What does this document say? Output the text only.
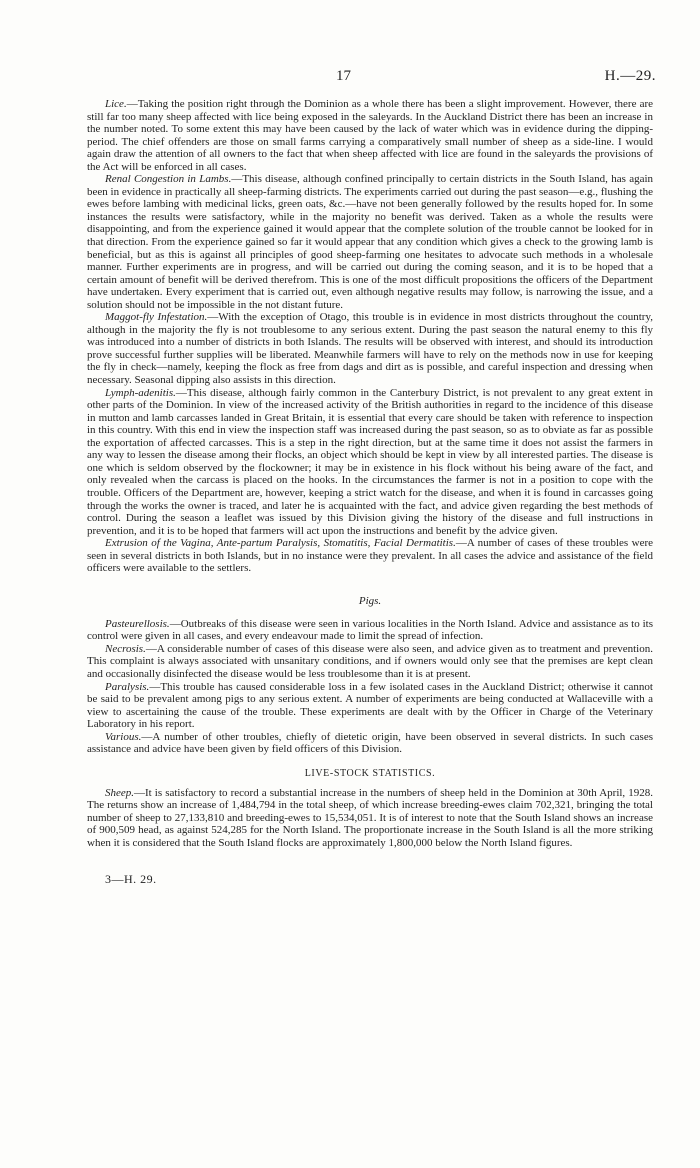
17	H.—29.

Lice.—Taking the position right through the Dominion as a whole there has been a slight improvement. However, there are still far too many sheep affected with lice being exposed in the saleyards. In the Auckland District there has been an increase in the number noted. To some extent this may have been caused by the lack of water which was in evidence during the dipping-period. The chief offenders are those on small farms carrying a comparatively small number of sheep as a side-line. I would again draw the attention of all owners to the fact that when sheep affected with lice are found in the saleyards the provisions of the Act will be enforced in all cases.

Renal Congestion in Lambs.—This disease, although confined principally to certain districts in the South Island, has again been in evidence in practically all sheep-farming districts. The experiments carried out during the past season—e.g., flushing the ewes before lambing with medicinal licks, green oats, &c.—have not been generally followed by the results hoped for. In some instances the results were satisfactory, while in the majority no benefit was derived. Taken as a whole the results were disappointing, and from the experience gained it would appear that the complete solution of the trouble cannot be looked for in that direction. From the experience gained so far it would appear that any condition which gives a check to the growing lamb is beneficial, but as this is against all principles of good sheep-farming one hesitates to advocate such methods in a wholesale manner. Further experiments are in progress, and will be carried out during the coming season, and it is to be hoped that a certain amount of benefit will be derived therefrom. This is one of the most difficult propositions the officers of the Department have undertaken. Every experiment that is carried out, even although negative results may follow, is narrowing the issue, and a solution should not be impossible in the not distant future.

Maggot-fly Infestation.—With the exception of Otago, this trouble is in evidence in most districts throughout the country, although in the majority the fly is not troublesome to any serious extent. During the past season the natural enemy to this fly was introduced into a number of districts in both Islands. The results will be observed with interest, and should its introduction prove successful further supplies will be liberated. Meanwhile farmers will have to rely on the methods now in use for keeping the fly in check—namely, keeping the flock as free from dags and dirt as is possible, and careful inspection and dressing when necessary. Seasonal dipping also assists in this direction.

Lymph-adenitis.—This disease, although fairly common in the Canterbury District, is not prevalent to any great extent in other parts of the Dominion. In view of the increased activity of the British authorities in regard to the incidence of this disease in mutton and lamb carcasses landed in Great Britain, it is essential that every care should be taken with reference to inspection in this country. With this end in view the inspection staff was increased during the past season, so as to obviate as far as possible the exportation of affected carcasses. This is a step in the right direction, but at the same time it does not assist the farmers in any way to lessen the disease among their flocks, an object which should be kept in view by all interested parties. The disease is one which is seldom observed by the flockowner; it may be in existence in his flock without his being aware of the fact, and only revealed when the carcass is placed on the hooks. In the circumstances the farmer is not in a position to cope with the trouble. Officers of the Department are, however, keeping a strict watch for the disease, and when it is found in carcasses going through the works the owner is traced, and later he is acquainted with the fact, and advice given regarding the best methods of control. During the season a leaflet was issued by this Division giving the history of the disease and full instructions in prevention, and it is to be hoped that farmers will act upon the instructions and benefit by the advice given.

Extrusion of the Vagina, Ante-partum Paralysis, Stomatitis, Facial Dermatitis.—A number of cases of these troubles were seen in several districts in both Islands, but in no instance were they prevalent. In all cases the advice and assistance of the field officers were available to the settlers.

Pigs.

Pasteurellosis.—Outbreaks of this disease were seen in various localities in the North Island. Advice and assistance as to its control were given in all cases, and every endeavour made to limit the spread of infection.

Necrosis.—A considerable number of cases of this disease were also seen, and advice given as to treatment and prevention. This complaint is always associated with unsanitary conditions, and if owners would only see that the premises are kept clean and occasionally disinfected the disease would be less troublesome than it is at present.

Paralysis.—This trouble has caused considerable loss in a few isolated cases in the Auckland District; otherwise it cannot be said to be prevalent among pigs to any serious extent. A number of experiments are being conducted at Wallaceville with a view to ascertaining the cause of the trouble. These experiments are dealt with by the Officer in Charge of the Veterinary Laboratory in his report.

Various.—A number of other troubles, chiefly of dietetic origin, have been observed in several districts. In such cases assistance and advice have been given by field officers of this Division.

LIVE-STOCK STATISTICS.

Sheep.—It is satisfactory to record a substantial increase in the numbers of sheep held in the Dominion at 30th April, 1928. The returns show an increase of 1,484,794 in the total sheep, of which increase breeding-ewes claim 702,321, bringing the total number of sheep to 27,133,810 and breeding-ewes to 15,534,051. It is of interest to note that the South Island shows an increase of 900,509 head, as against 524,285 for the North Island. The proportionate increase in the South Island is all the more striking when it is considered that the South Island flocks are approximately 1,800,000 below the North Island figures.

3—H. 29.
